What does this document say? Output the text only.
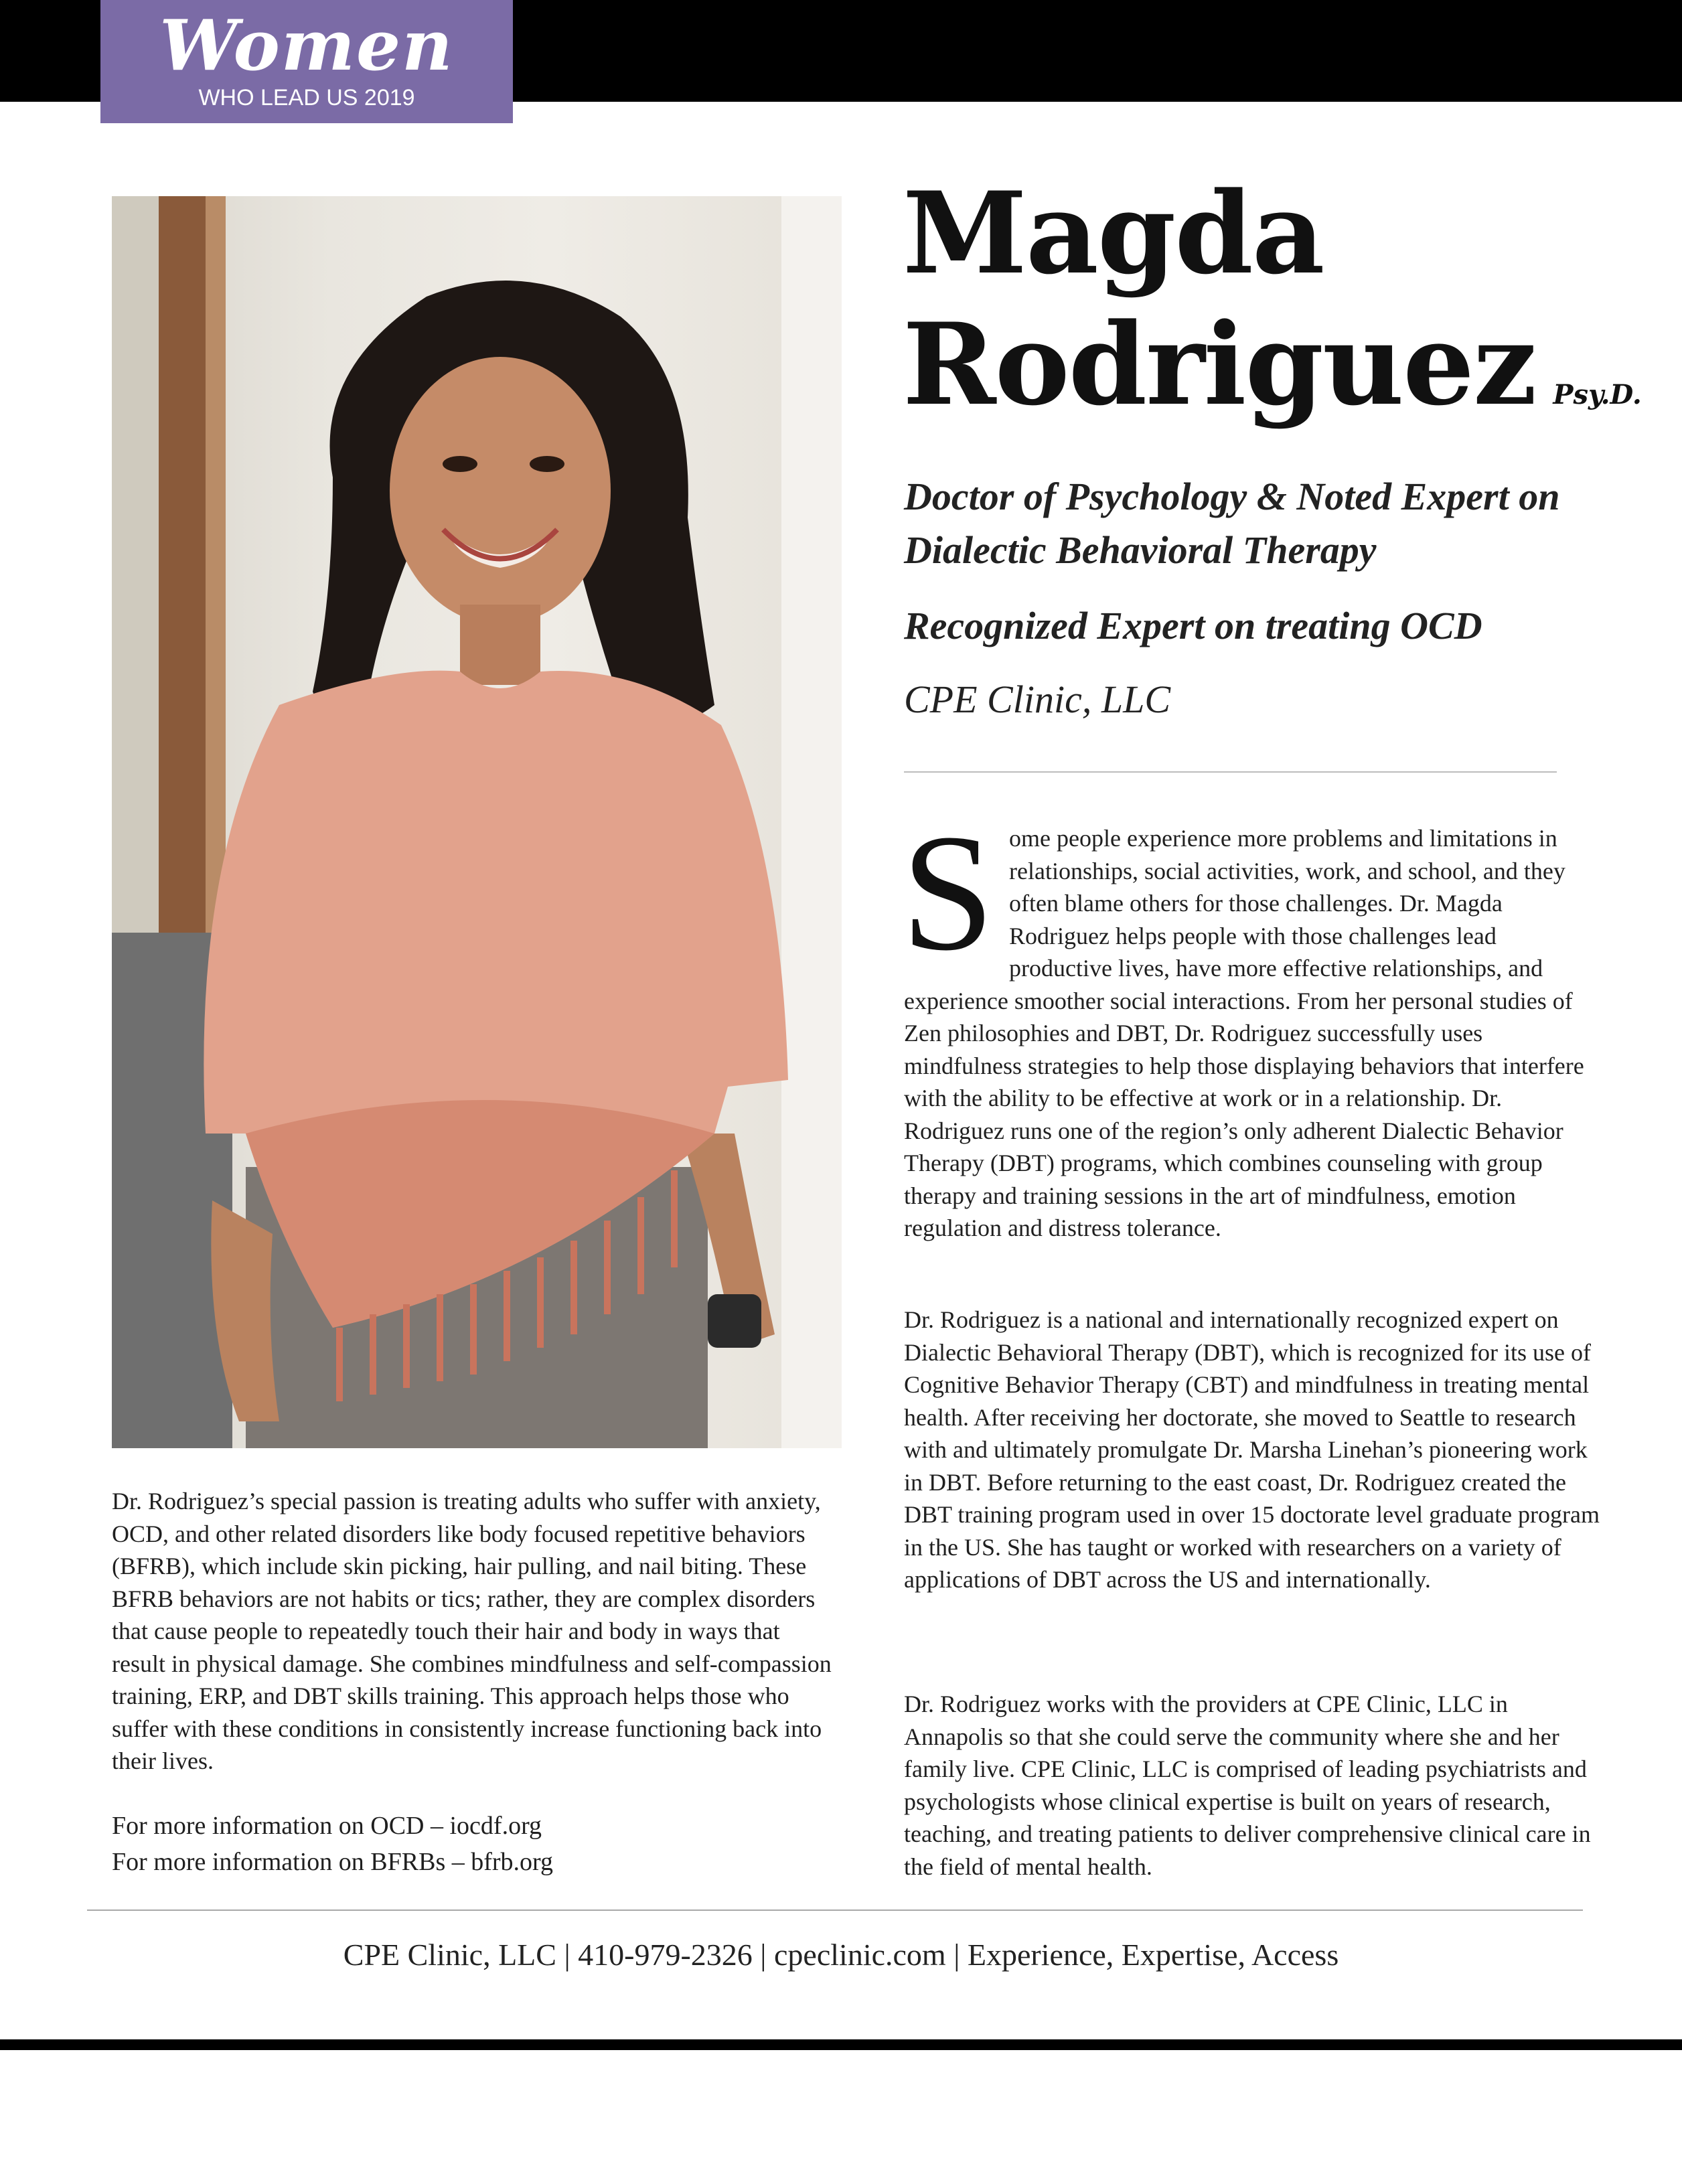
Women
WHO LEAD US 2019
Magda
Rodriguez Psy.D.
Doctor of Psychology & Noted Expert on
Dialectic Behavioral Therapy
Recognized Expert on treating OCD
CPE Clinic, LLC

Some people experience more problems and limitations in relationships, social activities, work, and school, and they often blame others for those challenges. Dr. Magda Rodriguez helps people with those challenges lead productive lives, have more effective relationships, and experience smoother social interactions. From her personal studies of Zen philosophies and DBT, Dr. Rodriguez successfully uses mindfulness strategies to help those displaying behaviors that interfere with the ability to be effective at work or in a relationship. Dr. Rodriguez runs one of the region’s only adherent Dialectic Behavior Therapy (DBT) programs, which combines counseling with group therapy and training sessions in the art of mindfulness, emotion regulation and distress tolerance.

Dr. Rodriguez is a national and internationally recognized expert on Dialectic Behavioral Therapy (DBT), which is recognized for its use of Cognitive Behavior Therapy (CBT) and mindfulness in treating mental health. After receiving her doctorate, she moved to Seattle to research with and ultimately promulgate Dr. Marsha Linehan’s pioneering work in DBT. Before returning to the east coast, Dr. Rodriguez created the DBT training program used in over 15 doctorate level graduate program in the US. She has taught or worked with researchers on a variety of applications of DBT across the US and internationally.

Dr. Rodriguez works with the providers at CPE Clinic, LLC in Annapolis so that she could serve the community where she and her family live. CPE Clinic, LLC is comprised of leading psychiatrists and psychologists whose clinical expertise is built on years of research, teaching, and treating patients to deliver comprehensive clinical care in the field of mental health.

Dr. Rodriguez’s special passion is treating adults who suffer with anxiety, OCD, and other related disorders like body focused repetitive behaviors (BFRB), which include skin picking, hair pulling, and nail biting. These BFRB behaviors are not habits or tics; rather, they are complex disorders that cause people to repeatedly touch their hair and body in ways that result in physical damage. She combines mindfulness and self-compassion training, ERP, and DBT skills training. This approach helps those who suffer with these conditions in consistently increase functioning back into their lives.

For more information on OCD – iocdf.org

For more information on BFRBs – bfrb.org

CPE Clinic, LLC | 410-979-2326 | cpeclinic.com | Experience, Expertise, Access
